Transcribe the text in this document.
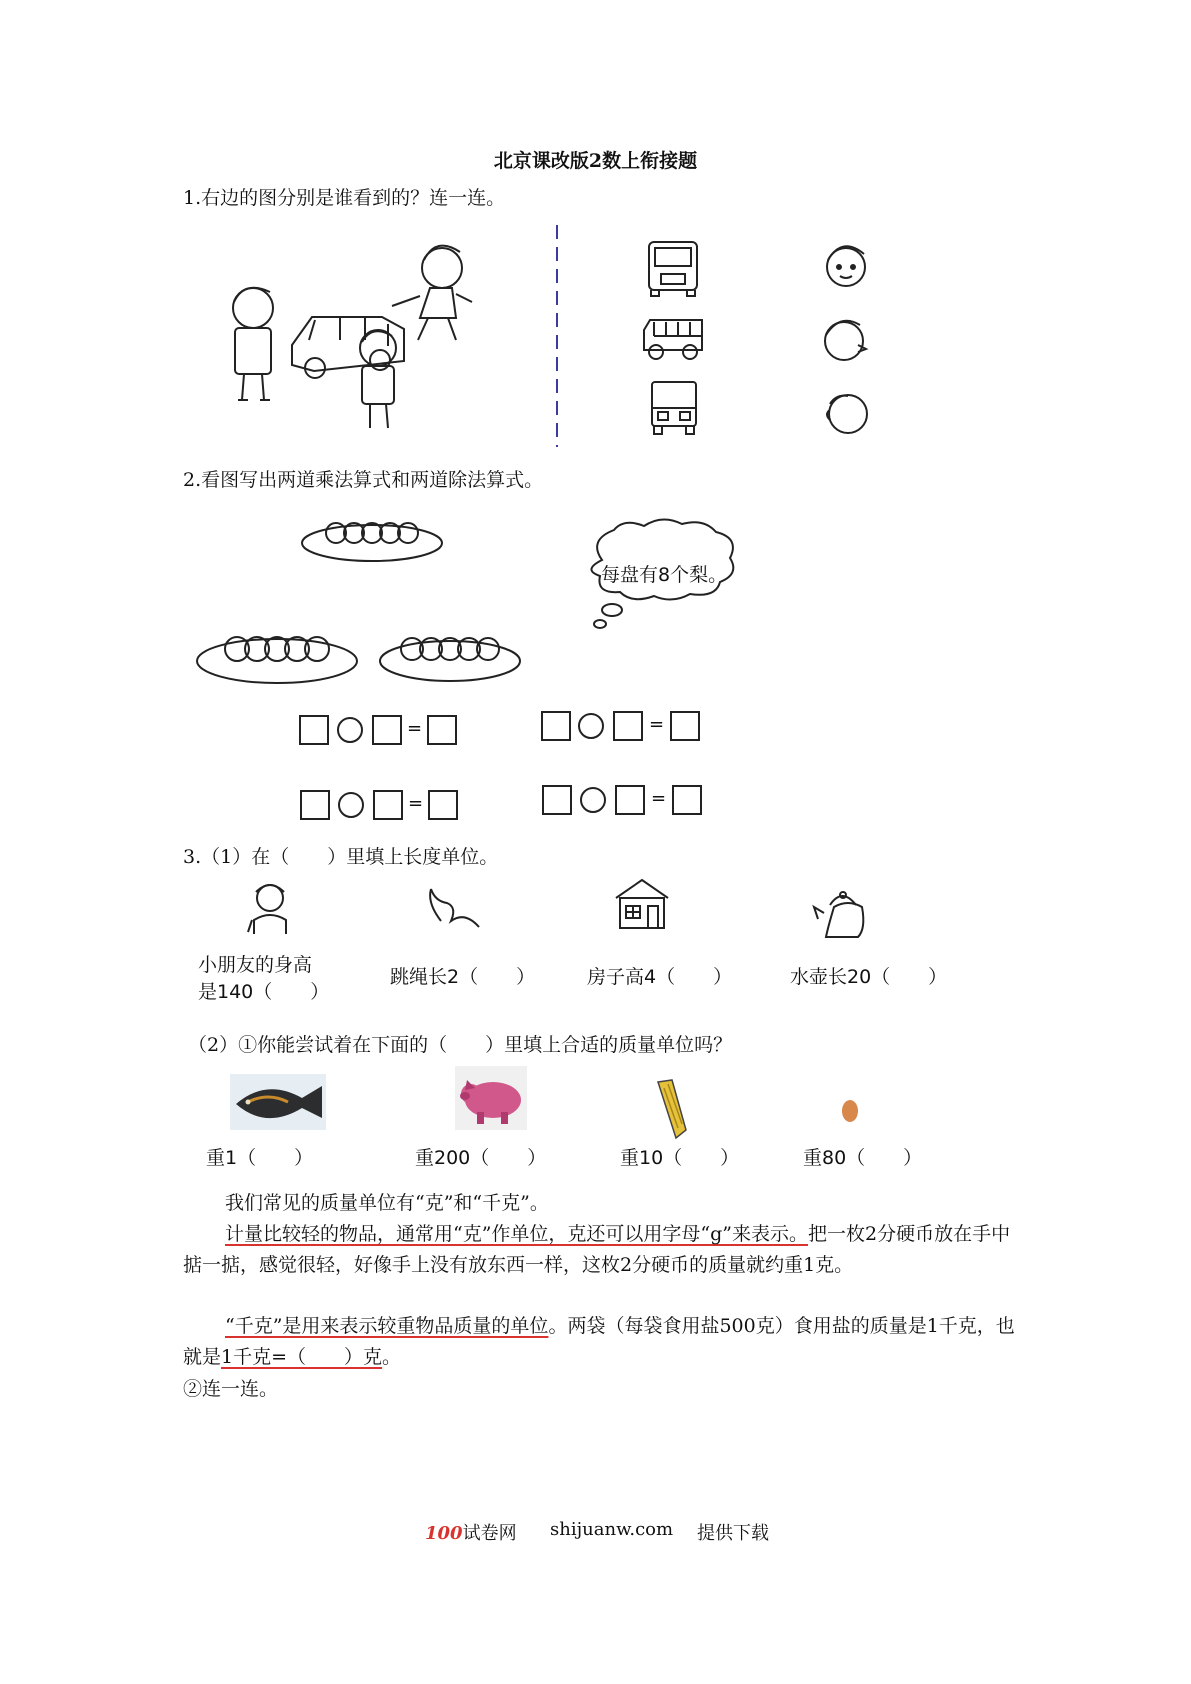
北京课改版2数上衔接题
1.右边的图分别是谁看到的？连一连。
2.看图写出两道乘法算式和两道除法算式。
每盘有8个梨。
=	=
=	=
3.（1）在（　　）里填上长度单位。
小朋友的身高
是140（　　）
跳绳长2（　　）	房子高4（　　）	水壶长20（　　）
（2）①你能尝试着在下面的（　　）里填上合适的质量单位吗？
重1（　　）	重200（　　）	重10（　　）	重80（　　）
我们常见的质量单位有“克”和“千克”。
计量比较轻的物品，通常用“克”作单位，克还可以用字母“g”来表示。把一枚2分硬币放在手中掂一掂，感觉很轻，好像手上没有放东西一样，这枚2分硬币的质量就约重1克。
“千克”是用来表示较重物品质量的单位。两袋（每袋食用盐500克）食用盐的质量是1千克，也就是1千克=（　　）克。
②连一连。
100试卷网 shijuanw.com 提供下载
